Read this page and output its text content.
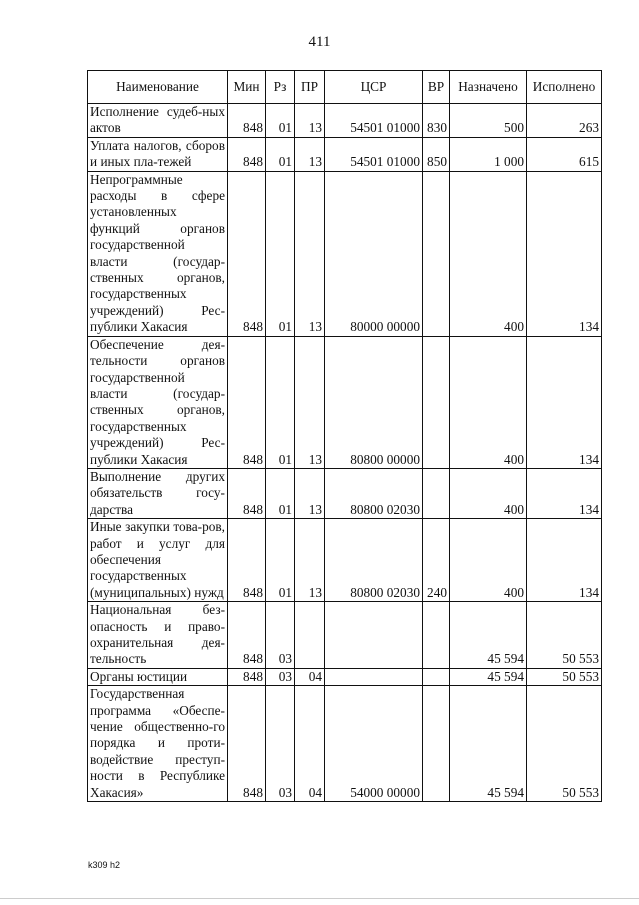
411
Наименование	Мин	Рз	ПР	ЦСР	ВР	Назначено	Исполнено
Исполнение судеб-ных актов	848	01	13	54501 01000	830	500	263
Уплата налогов, сборов и иных пла-тежей	848	01	13	54501 01000	850	1 000	615
Непрограммные расходы в сфере установленных функций органов государственной власти (государ-ственных органов, государственных учреждений) Рес-публики Хакасия	848	01	13	80000 00000		400	134
Обеспечение дея-тельности органов государственной власти (государ-ственных органов, государственных учреждений) Рес-публики Хакасия	848	01	13	80800 00000		400	134
Выполнение других обязательств госу-дарства	848	01	13	80800 02030		400	134
Иные закупки това-ров, работ и услуг для обеспечения государственных (муниципальных) нужд	848	01	13	80800 02030	240	400	134
Национальная без-опасность и право-охранительная дея-тельность	848	03				45 594	50 553
Органы юстиции	848	03	04			45 594	50 553
Государственная программа «Обеспе-чение общественно-го порядка и проти-водействие преступ-ности в Республике Хакасия»	848	03	04	54000 00000		45 594	50 553
k309 h2
